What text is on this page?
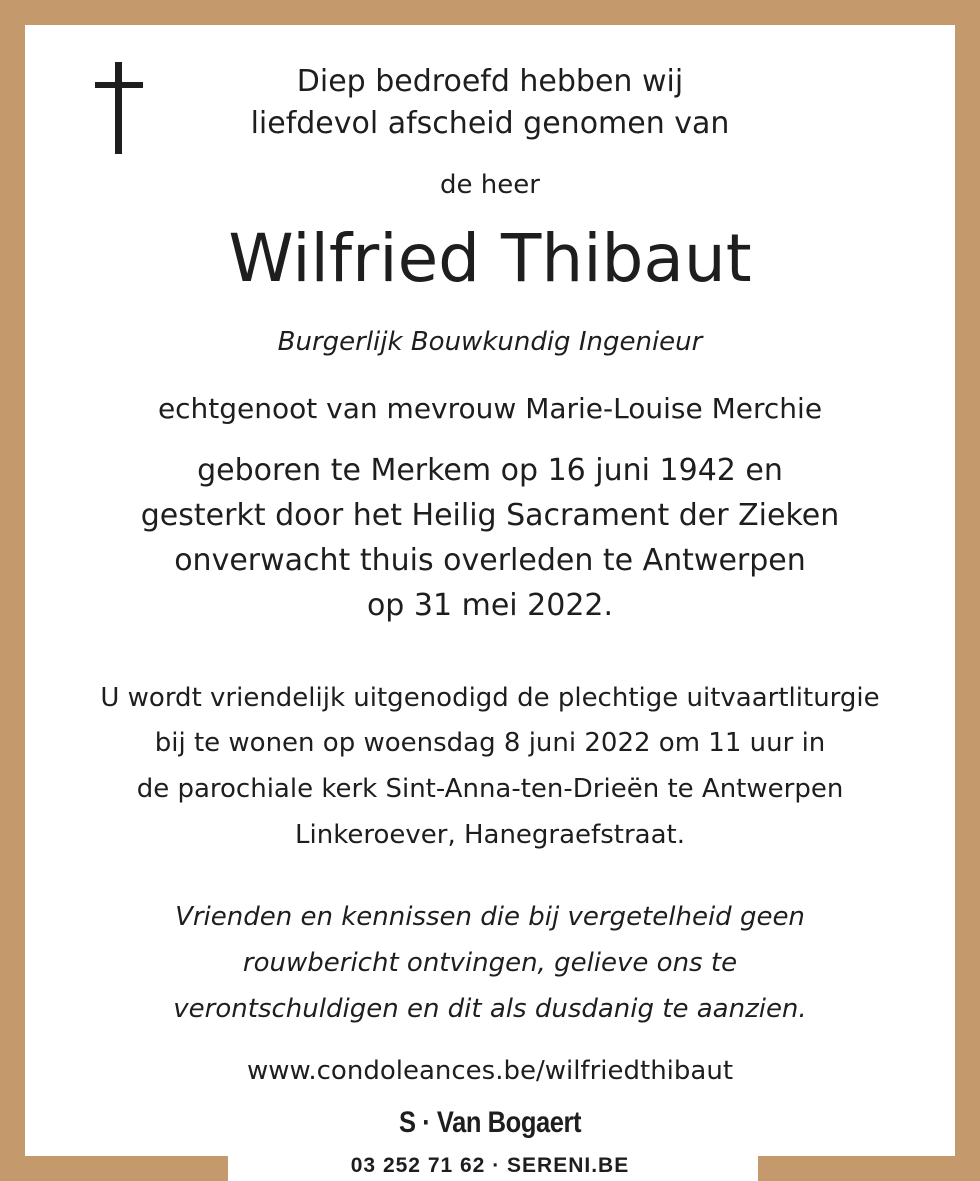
Diep bedroefd hebben wij
liefdevol afscheid genomen van
de heer
Wilfried Thibaut
Burgerlijk Bouwkundig Ingenieur
echtgenoot van mevrouw Marie-Louise Merchie
geboren te Merkem op 16 juni 1942 en
gesterkt door het Heilig Sacrament der Zieken
onverwacht thuis overleden te Antwerpen
op 31 mei 2022.
U wordt vriendelijk uitgenodigd de plechtige uitvaartliturgie
bij te wonen op woensdag 8 juni 2022 om 11 uur in
de parochiale kerk Sint-Anna-ten-Drieën te Antwerpen
Linkeroever, Hanegraefstraat.
Vrienden en kennissen die bij vergetelheid geen
rouwbericht ontvingen, gelieve ons te
verontschuldigen en dit als dusdanig te aanzien.
www.condoleances.be/wilfriedthibaut
S · Van Bogaert
03 252 71 62 · SERENI.BE
